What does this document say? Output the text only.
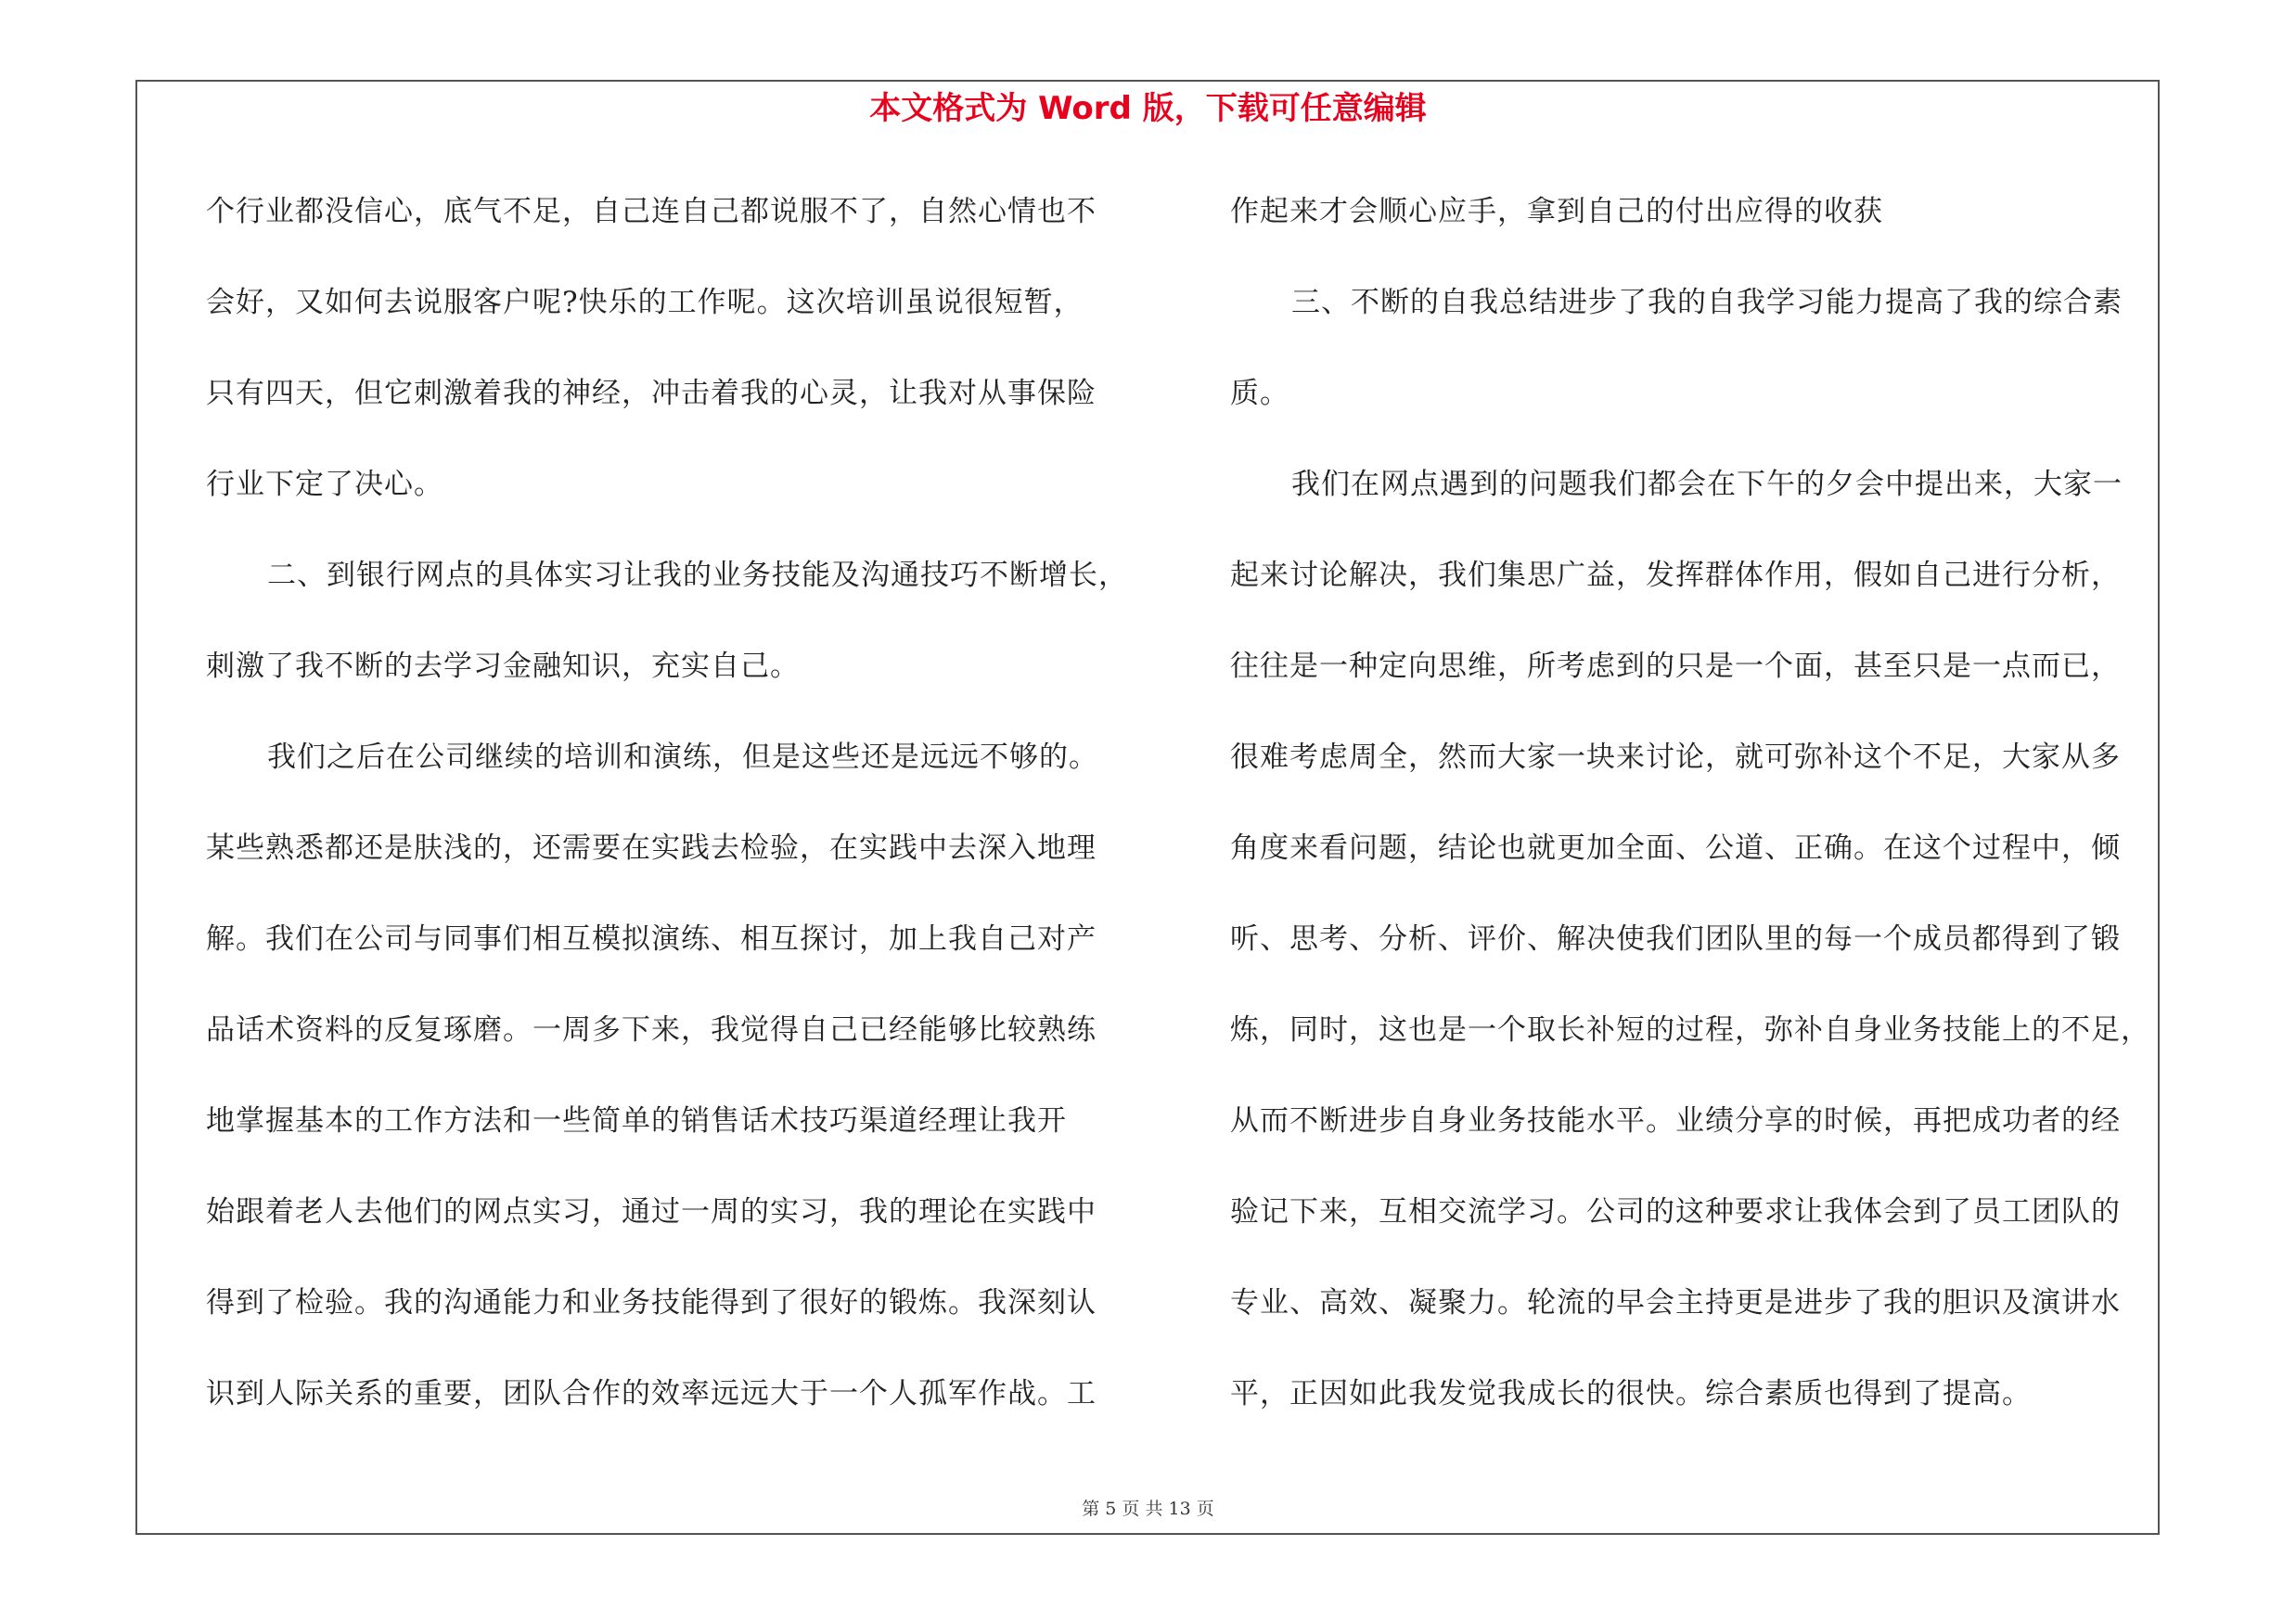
本文格式为 Word 版，下载可任意编辑
个行业都没信心，底气不足，自己连自己都说服不了，自然心情也不
会好，又如何去说服客户呢?快乐的工作呢。这次培训虽说很短暂，
只有四天，但它刺激着我的神经，冲击着我的心灵，让我对从事保险
行业下定了决心。
二、到银行网点的具体实习让我的业务技能及沟通技巧不断增长，
刺激了我不断的去学习金融知识，充实自己。
我们之后在公司继续的培训和演练，但是这些还是远远不够的。
某些熟悉都还是肤浅的，还需要在实践去检验，在实践中去深入地理
解。我们在公司与同事们相互模拟演练、相互探讨，加上我自己对产
品话术资料的反复琢磨。一周多下来，我觉得自己已经能够比较熟练
地掌握基本的工作方法和一些简单的销售话术技巧渠道经理让我开
始跟着老人去他们的网点实习，通过一周的实习，我的理论在实践中
得到了检验。我的沟通能力和业务技能得到了很好的锻炼。我深刻认
识到人际关系的重要，团队合作的效率远远大于一个人孤军作战。工
作起来才会顺心应手，拿到自己的付出应得的收获
三、不断的自我总结进步了我的自我学习能力提高了我的综合素
质。
我们在网点遇到的问题我们都会在下午的夕会中提出来，大家一
起来讨论解决，我们集思广益，发挥群体作用，假如自己进行分析，
往往是一种定向思维，所考虑到的只是一个面，甚至只是一点而已，
很难考虑周全，然而大家一块来讨论，就可弥补这个不足，大家从多
角度来看问题，结论也就更加全面、公道、正确。在这个过程中，倾
听、思考、分析、评价、解决使我们团队里的每一个成员都得到了锻
炼，同时，这也是一个取长补短的过程，弥补自身业务技能上的不足，
从而不断进步自身业务技能水平。业绩分享的时候，再把成功者的经
验记下来，互相交流学习。公司的这种要求让我体会到了员工团队的
专业、高效、凝聚力。轮流的早会主持更是进步了我的胆识及演讲水
平，正因如此我发觉我成长的很快。综合素质也得到了提高。
第 5 页 共 13 页
